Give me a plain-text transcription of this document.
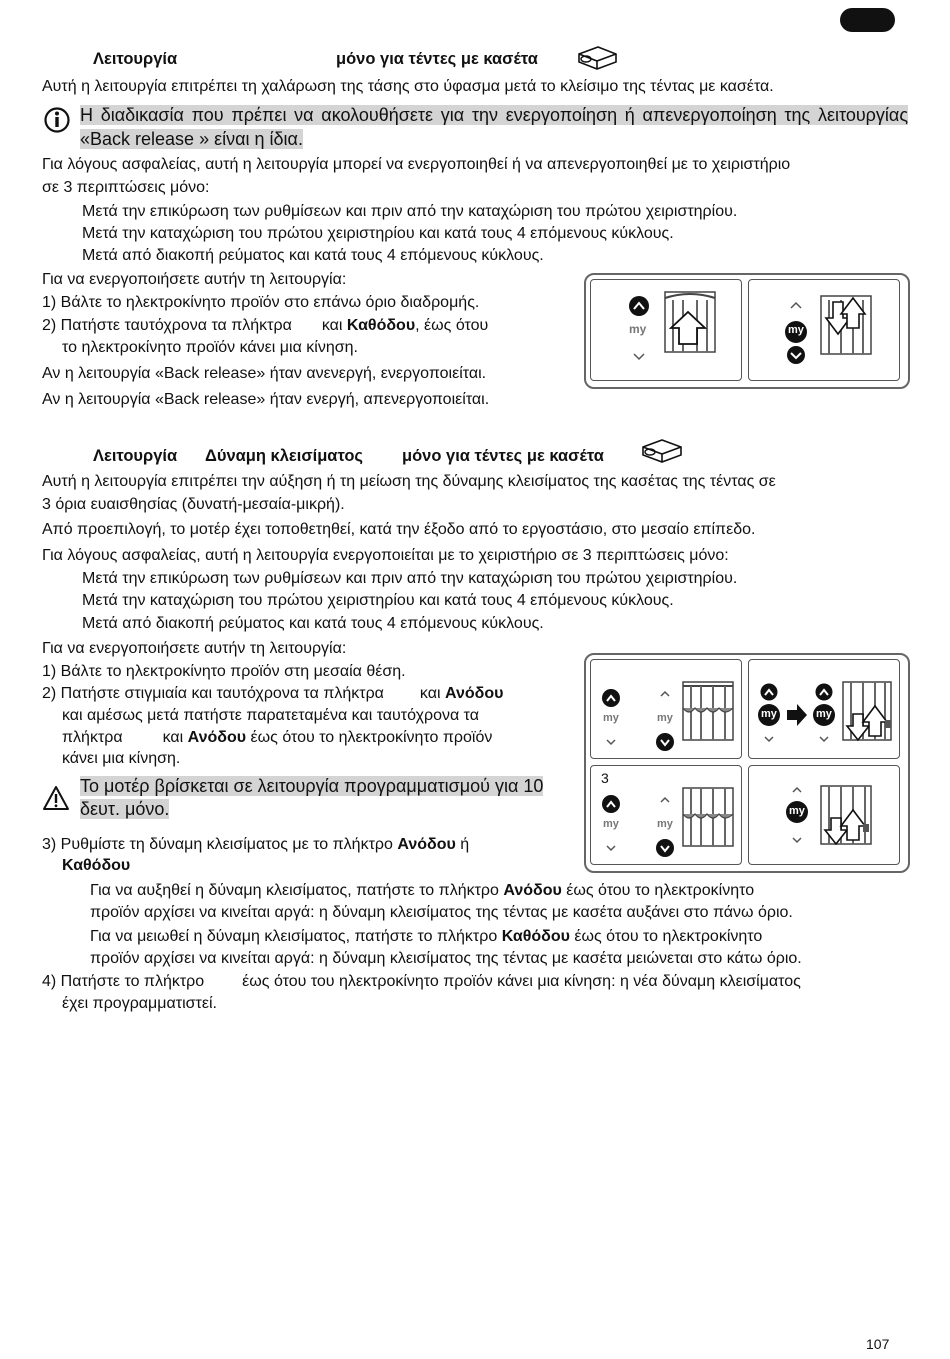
Λειτουργία	μόνο για τέντες με κασέτα

Αυτή η λειτουργία επιτρέπει τη χαλάρωση της τάσης στο ύφασμα μετά το κλείσιμο της τέντας με κασέτα.

Η διαδικασία που πρέπει να ακολουθήσετε για την ενεργοποίηση ή απενεργοποίηση της λειτουργίας «Back release » είναι η ίδια.

Για λόγους ασφαλείας, αυτή η λειτουργία μπορεί να ενεργοποιηθεί ή να απενεργοποιηθεί με το χειριστήριο

σε 3 περιπτώσεις μόνο:

Μετά την επικύρωση των ρυθμίσεων και πριν από την καταχώριση του πρώτου χειριστηρίου.

Μετά την καταχώριση του πρώτου χειριστηρίου και κατά τους 4 επόμενους κύκλους.

Μετά από διακοπή ρεύματος και κατά τους 4 επόμενους κύκλους.

Για να ενεργοποιήσετε αυτήν τη λειτουργία:

1) Βάλτε το ηλεκτροκίνητο προϊόν στο επάνω όριο διαδρομής.

2) Πατήστε ταυτόχρονα τα πλήκτρα και Καθόδου, έως ότου

το ηλεκτροκίνητο προϊόν κάνει μια κίνηση.

Αν η λειτουργία «Back release» ήταν ανενεργή, ενεργοποιείται.

Αν η λειτουργία «Back release» ήταν ενεργή, απενεργοποιείται.

my	my
Λειτουργία Δύναμη κλεισίματος μόνο για τέντες με κασέτα

Αυτή η λειτουργία επιτρέπει την αύξηση ή τη μείωση της δύναμης κλεισίματος της κασέτας της τέντας σε

3 όρια ευαισθησίας (δυνατή-μεσαία-μικρή).

Από προεπιλογή, το μοτέρ έχει τοποθετηθεί, κατά την έξοδο από το εργοστάσιο, στο μεσαίο επίπεδο.

Για λόγους ασφαλείας, αυτή η λειτουργία ενεργοποιείται με το χειριστήριο σε 3 περιπτώσεις μόνο:

Μετά την επικύρωση των ρυθμίσεων και πριν από την καταχώριση του πρώτου χειριστηρίου.

Μετά την καταχώριση του πρώτου χειριστηρίου και κατά τους 4 επόμενους κύκλους.

Μετά από διακοπή ρεύματος και κατά τους 4 επόμενους κύκλους.

Για να ενεργοποιήσετε αυτήν τη λειτουργία:

1) Βάλτε το ηλεκτροκίνητο προϊόν στη μεσαία θέση.

2) Πατήστε στιγμιαία και ταυτόχρονα τα πλήκτρα και Ανόδου

και αμέσως μετά πατήστε παρατεταμένα και ταυτόχρονα τα

πλήκτρα	και Ανόδου έως ότου το ηλεκτροκίνητο προϊόν

κάνει μια κίνηση.

Το μοτέρ βρίσκεται σε λειτουργία προγραμματισμού για 10 δευτ. μόνο.

3) Ρυθμίστε τη δύναμη κλεισίματος με το πλήκτρο Ανόδου ή

Καθόδου

Για να αυξηθεί η δύναμη κλεισίματος, πατήστε το πλήκτρο Ανόδου έως ότου το ηλεκτροκίνητο

προϊόν αρχίσει να κινείται αργά: η δύναμη κλεισίματος της τέντας με κασέτα αυξάνει στο πάνω όριο.

Για να μειωθεί η δύναμη κλεισίματος, πατήστε το πλήκτρο Καθόδου έως ότου το ηλεκτροκίνητο

προϊόν αρχίσει να κινείται αργά: η δύναμη κλεισίματος της τέντας με κασέτα μειώνεται στο κάτω όριο.

4) Πατήστε το πλήκτρο έως ότου του ηλεκτροκίνητο προϊόν κάνει μια κίνηση: η νέα δύναμη κλεισίματος

έχει προγραμματιστεί.

my	my	my	my
3
my	my
my
107
